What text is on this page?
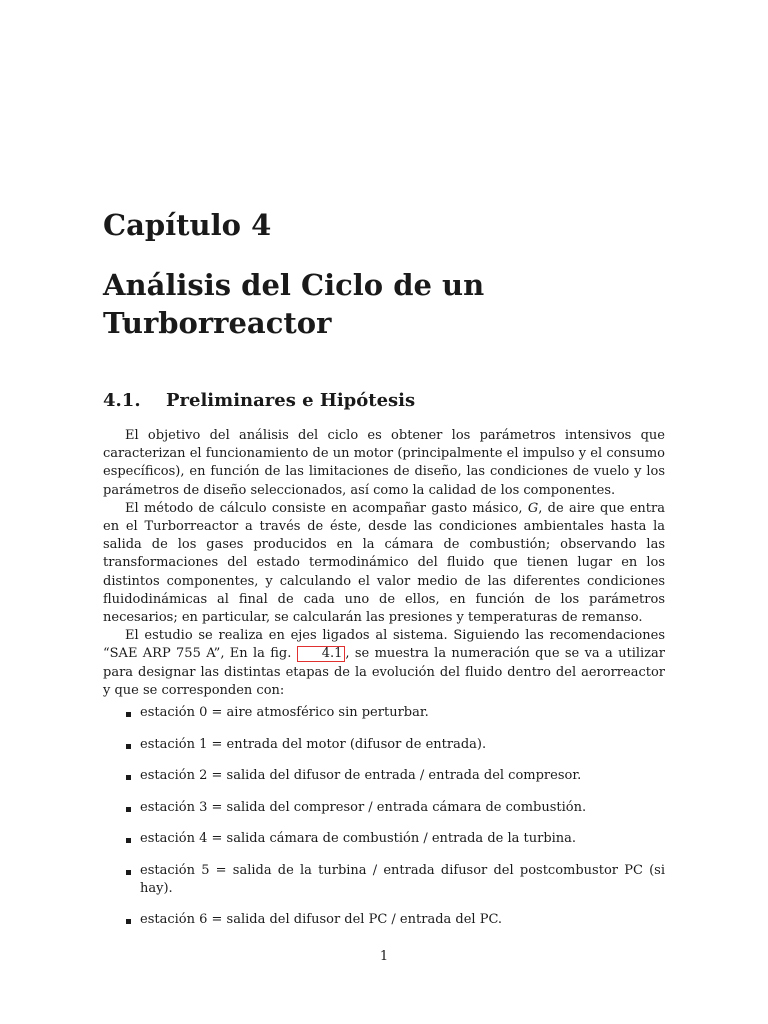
Capítulo 4
Análisis del Ciclo de un Turborreactor
4.1.	Preliminares e Hipótesis

El objetivo del análisis del ciclo es obtener los parámetros intensivos que caracterizan el funcionamiento de un motor (principalmente el impulso y el consumo específicos), en función de las limitaciones de diseño, las condiciones de vuelo y los parámetros de diseño seleccionados, así como la calidad de los componentes.

El método de cálculo consiste en acompañar gasto másico, G, de aire que entra en el Turborreactor a través de éste, desde las condiciones ambientales hasta la salida de los gases producidos en la cámara de combustión; observando las transformaciones del estado termodinámico del fluido que tienen lugar en los distintos componentes, y calculando el valor medio de las diferentes condiciones fluidodinámicas al final de cada uno de ellos, en función de los parámetros necesarios; en particular, se calcularán las presiones y temperaturas de remanso.

El estudio se realiza en ejes ligados al sistema. Siguiendo las recomendaciones “SAE ARP 755 A”, En la fig. 4.1 , se muestra la numeración que se va a utilizar para designar las distintas etapas de la evolución del fluido dentro del aerorreactor y que se corresponden con:

estación 0 = aire atmosférico sin perturbar.
estación 1 = entrada del motor (difusor de entrada).
estación 2 = salida del difusor de entrada / entrada del compresor.
estación 3 = salida del compresor / entrada cámara de combustión.
estación 4 = salida cámara de combustión / entrada de la turbina.
estación 5 = salida de la turbina / entrada difusor del postcombustor PC (si hay).
estación 6 = salida del difusor del PC / entrada del PC.
1
